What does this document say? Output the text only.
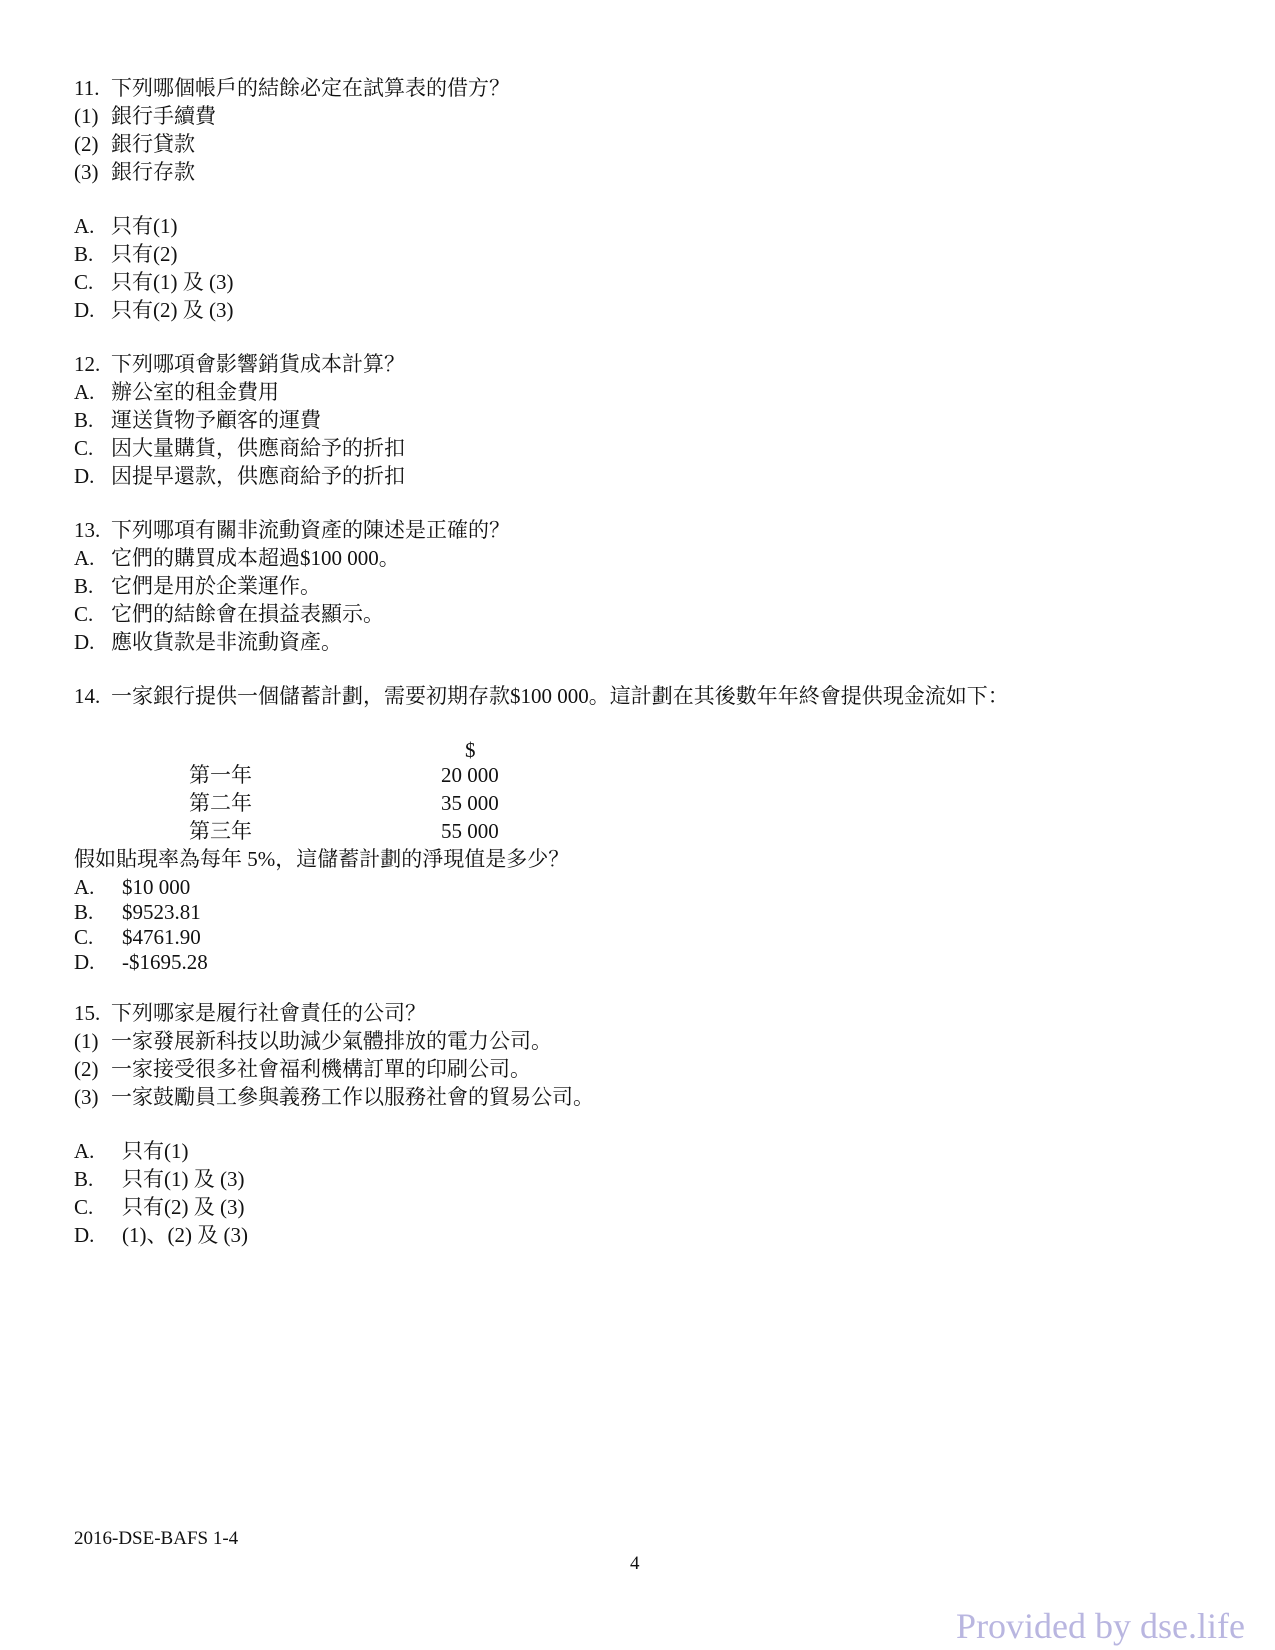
11. 下列哪個帳戶的結餘必定在試算表的借方？
(1) 銀行手續費
(2) 銀行貸款
(3) 銀行存款
A. 只有(1)
B. 只有(2)
C. 只有(1) 及 (3)
D. 只有(2) 及 (3)
12. 下列哪項會影響銷貨成本計算？
A. 辦公室的租金費用
B. 運送貨物予顧客的運費
C. 因大量購貨，供應商給予的折扣
D. 因提早還款，供應商給予的折扣
13. 下列哪項有關非流動資產的陳述是正確的？
A. 它們的購買成本超過$100 000。
B. 它們是用於企業運作。
C. 它們的結餘會在損益表顯示。
D. 應收貨款是非流動資產。
14. 一家銀行提供一個儲蓄計劃，需要初期存款$100 000。這計劃在其後數年年終會提供現金流如下：
$
第一年	20 000
第二年	35 000
第三年	55 000
假如貼現率為每年 5%，這儲蓄計劃的淨現值是多少？
A. $10 000
B. $9523.81
C. $4761.90
D. -$1695.28
15. 下列哪家是履行社會責任的公司？
(1) 一家發展新科技以助減少氣體排放的電力公司。
(2) 一家接受很多社會福利機構訂單的印刷公司。
(3) 一家鼓勵員工參與義務工作以服務社會的貿易公司。
A. 只有(1)
B. 只有(1) 及 (3)
C. 只有(2) 及 (3)
D. (1)、(2) 及 (3)
2016-DSE-BAFS 1-4
4
Provided by dse.life
